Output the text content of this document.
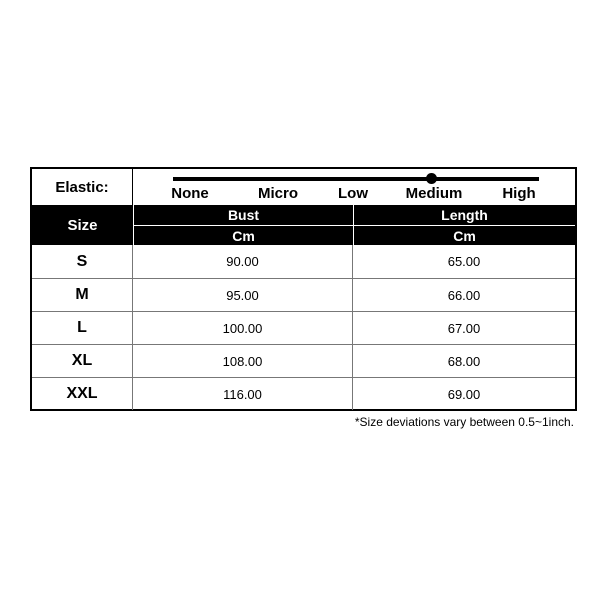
Elastic:	None	Micro	Low	Medium	High
Size
Bust	Length
Cm	Cm
S	90.00	65.00
M	95.00	66.00
L	100.00	67.00
XL	108.00	68.00
XXL	116.00	69.00
*Size deviations vary between 0.5~1inch.
